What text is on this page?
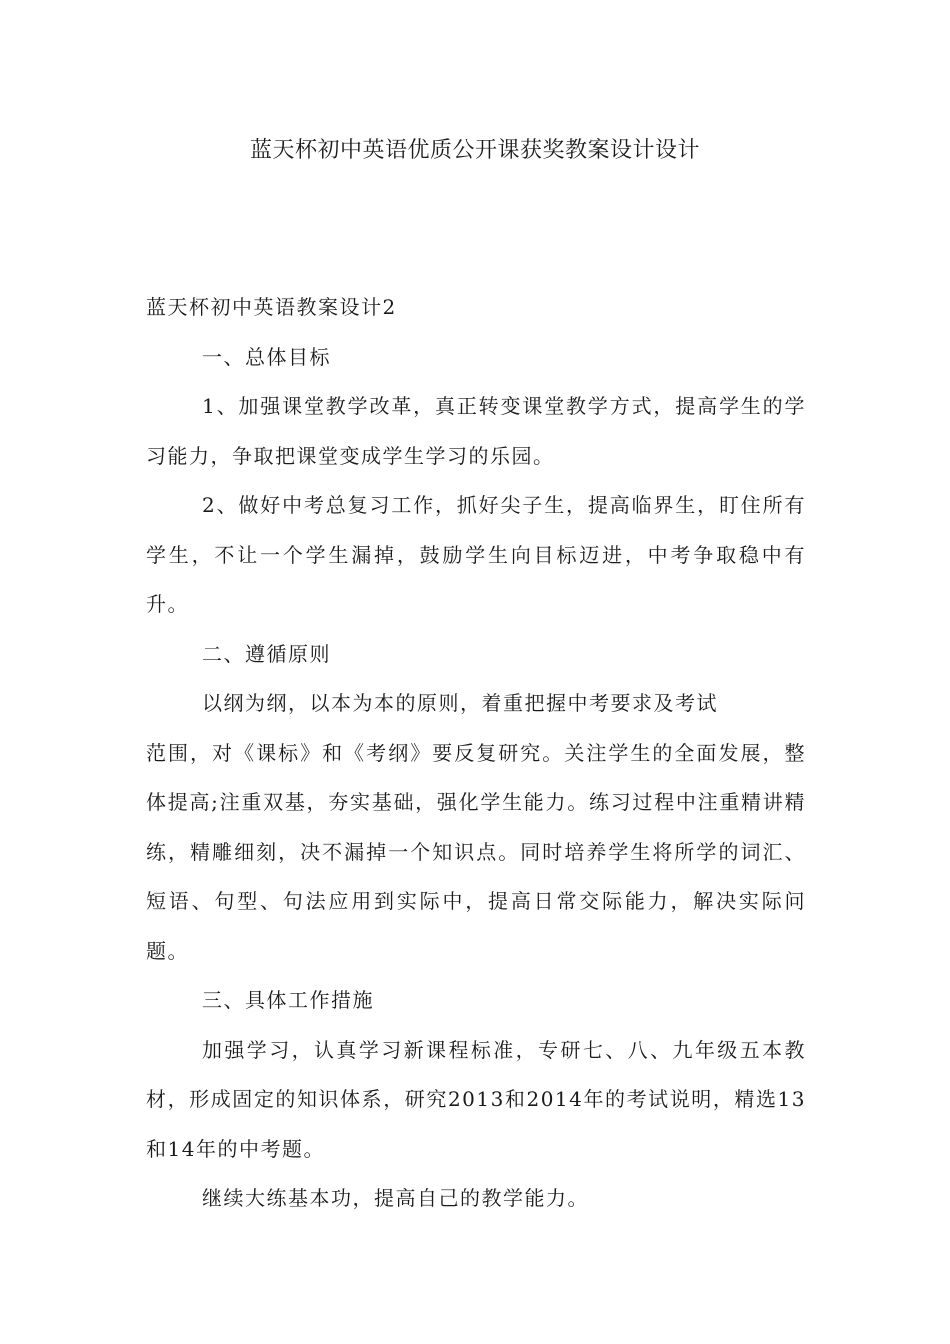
蓝天杯初中英语优质公开课获奖教案设计设计

蓝天杯初中英语教案设计2

一、总体目标

1、加强课堂教学改革，真正转变课堂教学方式，提高学生的学习能力，争取把课堂变成学生学习的乐园。

2、做好中考总复习工作，抓好尖子生，提高临界生，盯住所有学生，不让一个学生漏掉，鼓励学生向目标迈进，中考争取稳中有升。

二、遵循原则

以纲为纲，以本为本的原则，着重把握中考要求及考试

范围，对《课标》和《考纲》要反复研究。关注学生的全面发展，整体提高;注重双基，夯实基础，强化学生能力。练习过程中注重精讲精练，精雕细刻，决不漏掉一个知识点。同时培养学生将所学的词汇、短语、句型、句法应用到实际中，提高日常交际能力，解决实际问题。

三、具体工作措施

加强学习，认真学习新课程标准，专研七、八、九年级五本教材，形成固定的知识体系，研究2013和2014年的考试说明，精选13和14年的中考题。

继续大练基本功，提高自己的教学能力。
